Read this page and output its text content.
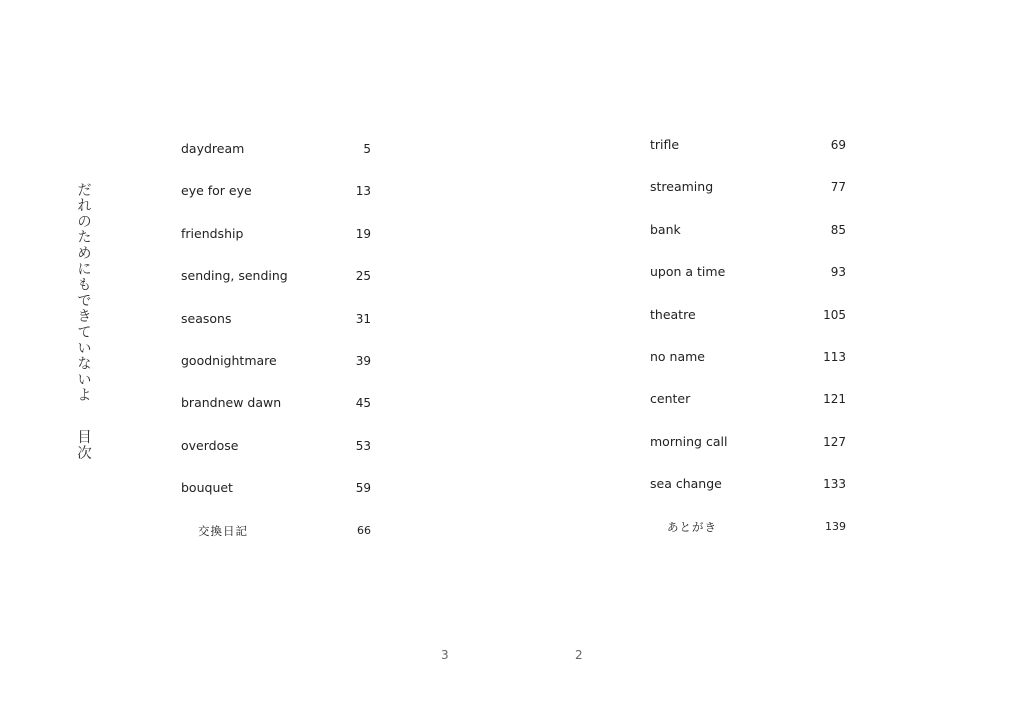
だれのためにもできていないよ目次
daydream	5
eye for eye	13
friendship	19
sending, sending	25
seasons	31
goodnightmare	39
brandnew dawn	45
overdose	53
bouquet	59
交換日記	66
trifle	69
streaming	77
bank	85
upon a time	93
theatre	105
no name	113
center	121
morning call	127
sea change	133
あとがき	139
3	2
